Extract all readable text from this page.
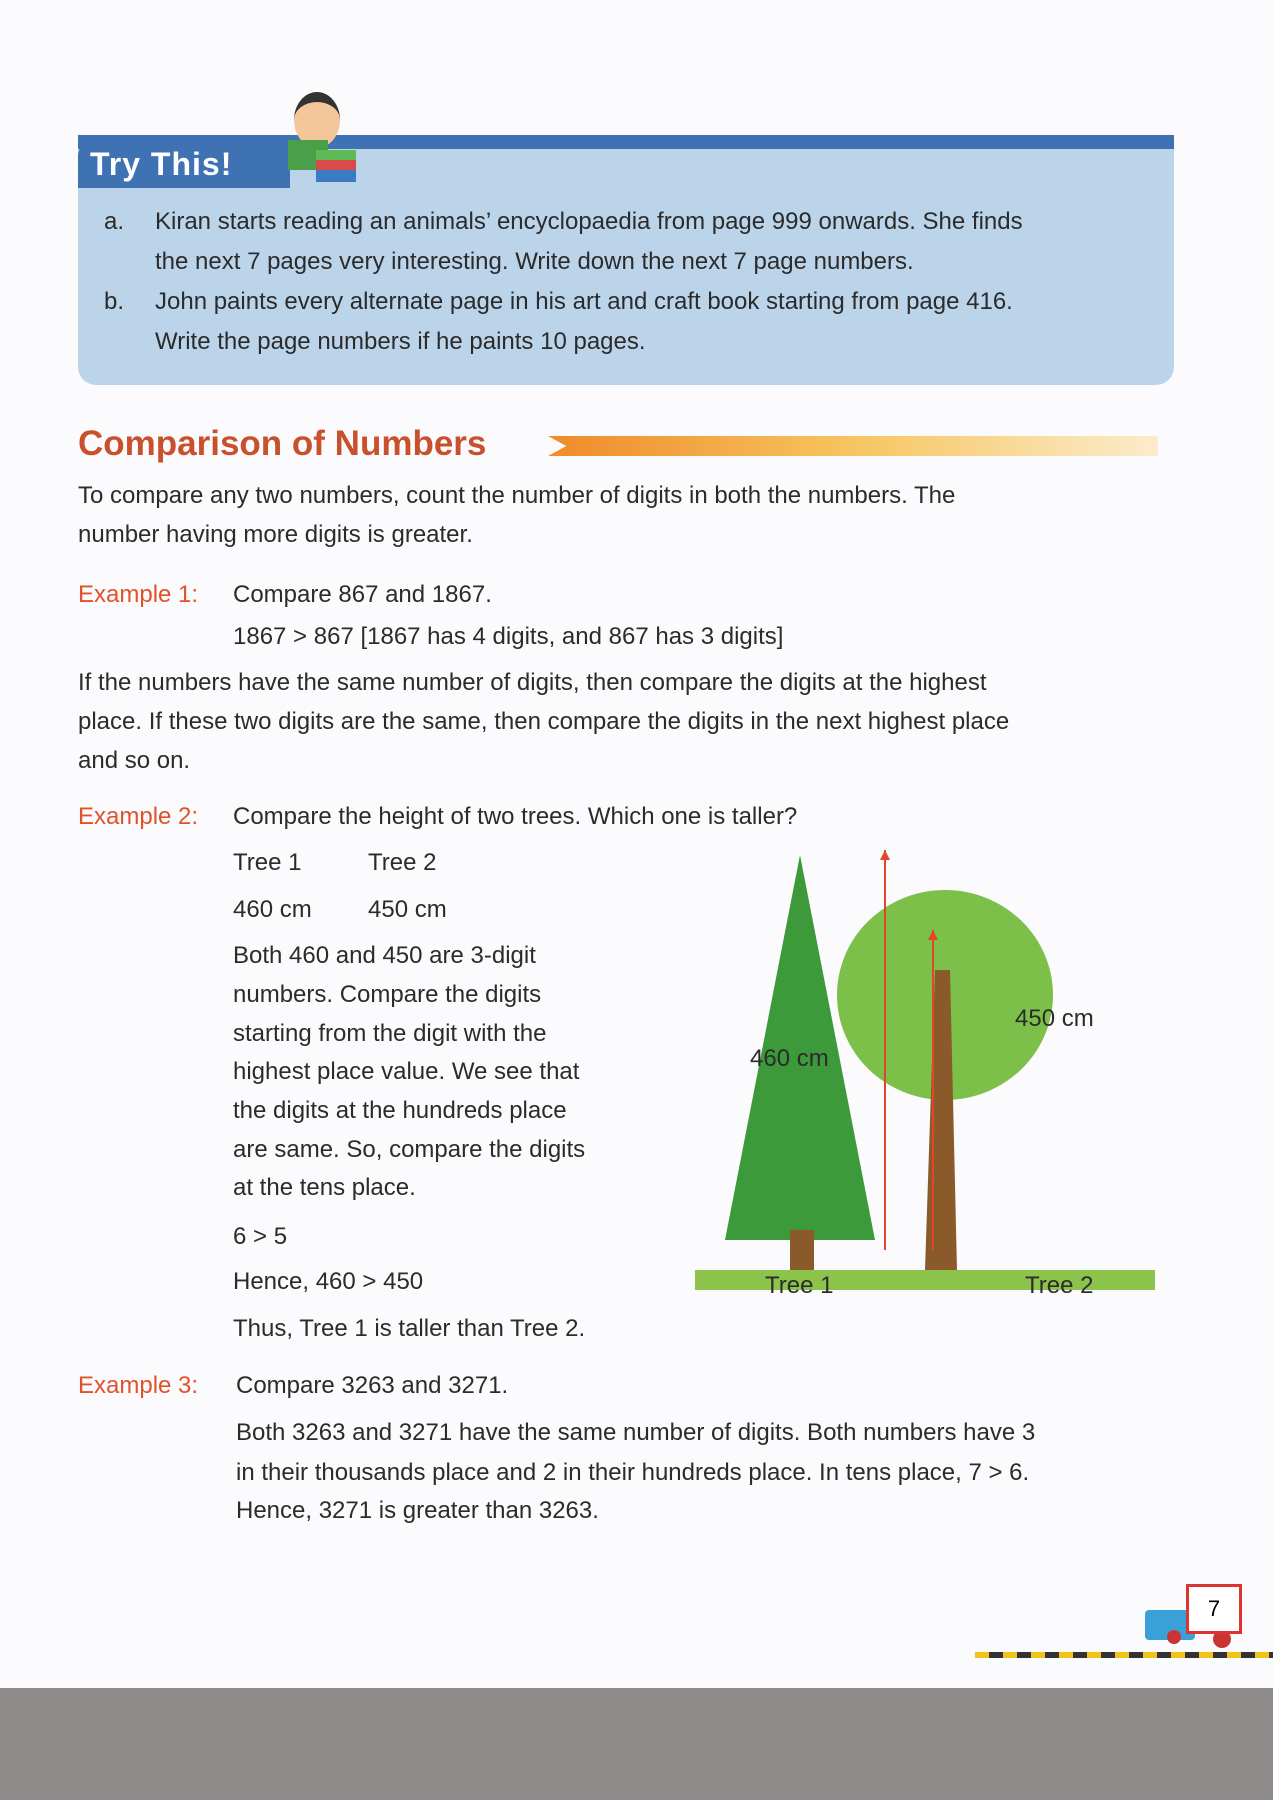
Try This!
a. Kiran starts reading an animals’ encyclopaedia from page 999 onwards. She finds
the next 7 pages very interesting. Write down the next 7 page numbers.
b. John paints every alternate page in his art and craft book starting from page 416.
Write the page numbers if he paints 10 pages.
Comparison of Numbers
To compare any two numbers, count the number of digits in both the numbers. The
number having more digits is greater.
Example 1: Compare 867 and 1867.
1867 > 867 [1867 has 4 digits, and 867 has 3 digits]
If the numbers have the same number of digits, then compare the digits at the highest
place. If these two digits are the same, then compare the digits in the next highest place
and so on.
Example 2: Compare the height of two trees. Which one is taller?
Tree 1	Tree 2
460 cm 450 cm
Both 460 and 450 are 3-digit
numbers. Compare the digits
starting from the digit with the
highest place value. We see that
the digits at the hundreds place
are same. So, compare the digits
at the tens place.
6 > 5
Hence, 460 > 450
Thus, Tree 1 is taller than Tree 2.
460 cm
450 cm
Tree 1	Tree 2
Example 3: Compare 3263 and 3271.
Both 3263 and 3271 have the same number of digits. Both numbers have 3
in their thousands place and 2 in their hundreds place. In tens place, 7 > 6.
Hence, 3271 is greater than 3263.
7
